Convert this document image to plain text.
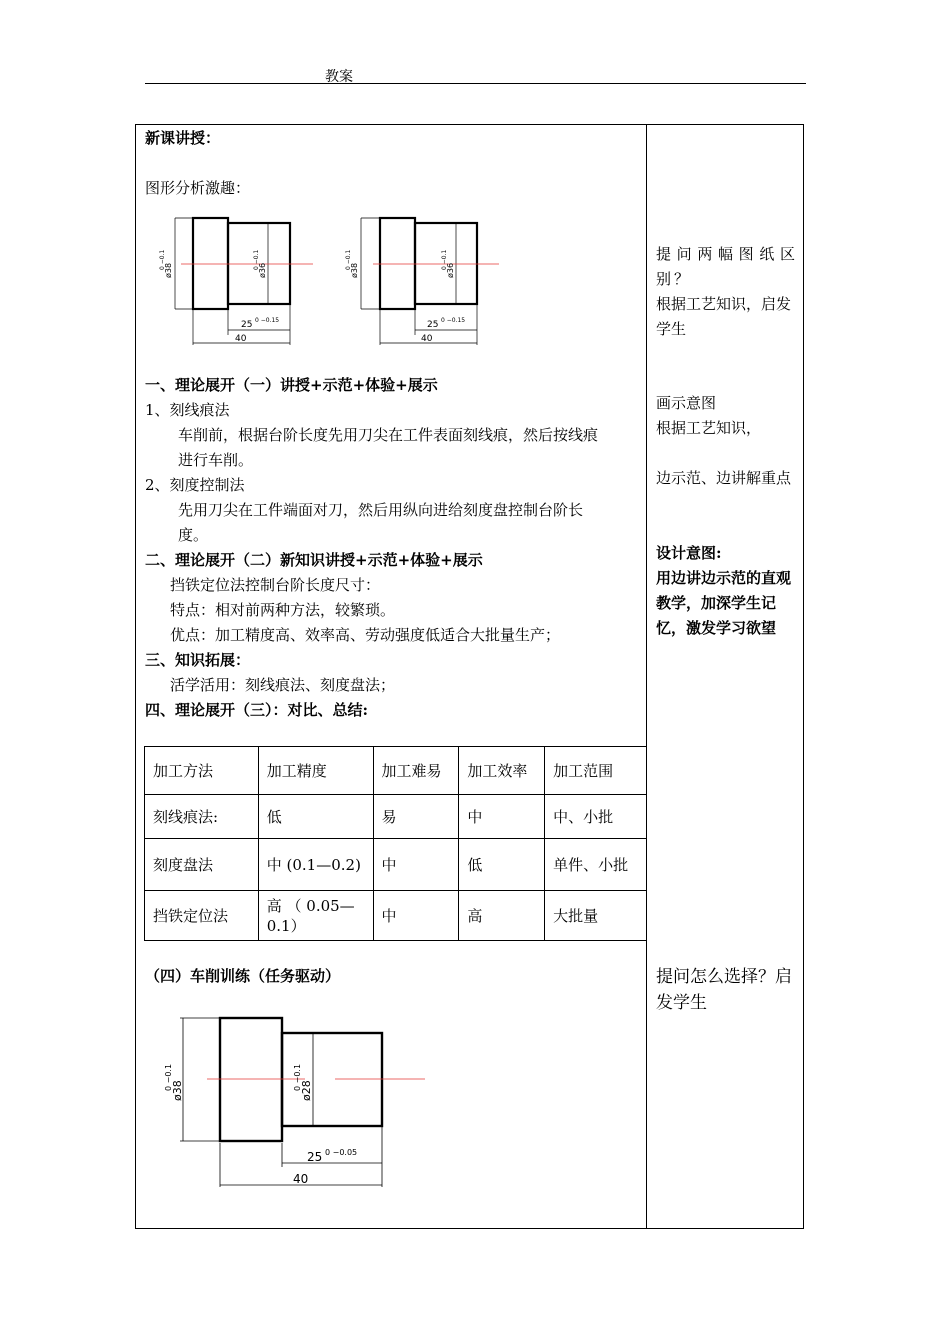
教案
新课讲授：
图形分析激趣：
ø38
0 −0.1
ø36
0 −0.1
25 0 −0.15
40
ø38
0 −0.1
ø36
0 −0.1
25 0 −0.15
40
一、理论展开（一）讲授+示范+体验+展示
1、刻线痕法
车削前，根据台阶长度先用刀尖在工件表面刻线痕，然后按线痕
进行车削。
2、刻度控制法
先用刀尖在工件端面对刀，然后用纵向进给刻度盘控制台阶长
度。
二、理论展开（二）新知识讲授+示范+体验+展示
挡铁定位法控制台阶长度尺寸：
特点：相对前两种方法，较繁琐。
优点：加工精度高、效率高、劳动强度低适合大批量生产；
三、知识拓展：
活学活用：刻线痕法、刻度盘法；
四、理论展开（三）：对比、总结:
加工方法	加工精度	加工难易	加工效率	加工范围
刻线痕法:	低	易	中	中、小批
刻度盘法	中 (0.1—0.2)	中	低	单件、小批
挡铁定位法	高 （ 0.05—0.1）	中	高	大批量
（四）车削训练（任务驱动）
ø38
0 −0.1	ø28
0 −0.1
25 0 −0.05
40
提问两幅图纸区别？
根据工艺知识，启发学生
画示意图
根据工艺知识，
边示范、边讲解重点
设计意图:
用边讲边示范的直观教学，加深学生记忆，激发学习欲望
提问怎么选择？启发学生
